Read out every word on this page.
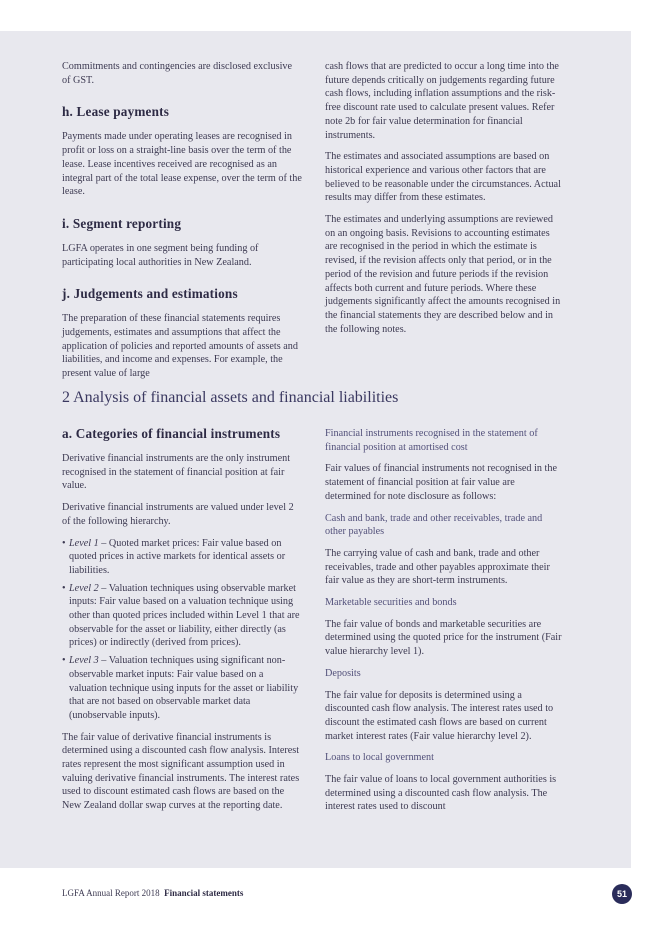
Commitments and contingencies are disclosed exclusive of GST.

h. Lease payments

Payments made under operating leases are recognised in profit or loss on a straight-line basis over the term of the lease. Lease incentives received are recognised as an integral part of the total lease expense, over the term of the lease.

i. Segment reporting

LGFA operates in one segment being funding of participating local authorities in New Zealand.

j. Judgements and estimations

The preparation of these financial statements requires judgements, estimates and assumptions that affect the application of policies and reported amounts of assets and liabilities, and income and expenses. For example, the present value of large

cash flows that are predicted to occur a long time into the future depends critically on judgements regarding future cash flows, including inflation assumptions and the risk-free discount rate used to calculate present values. Refer note 2b for fair value determination for financial instruments.

The estimates and associated assumptions are based on historical experience and various other factors that are believed to be reasonable under the circumstances. Actual results may differ from these estimates.

The estimates and underlying assumptions are reviewed on an ongoing basis. Revisions to accounting estimates are recognised in the period in which the estimate is revised, if the revision affects only that period, or in the period of the revision and future periods if the revision affects both current and future periods. Where these judgements significantly affect the amounts recognised in the financial statements they are described below and in the following notes.

2 Analysis of financial assets and financial liabilities
a. Categories of financial instruments

Derivative financial instruments are the only instrument recognised in the statement of financial position at fair value.

Derivative financial instruments are valued under level 2 of the following hierarchy.

• Level 1 – Quoted market prices: Fair value based on quoted prices in active markets for identical assets or liabilities.
• Level 2 – Valuation techniques using observable market inputs: Fair value based on a valuation technique using other than quoted prices included within Level 1 that are observable for the asset or liability, either directly (as prices) or indirectly (derived from prices).
• Level 3 – Valuation techniques using significant non-observable market inputs: Fair value based on a valuation technique using inputs for the asset or liability that are not based on observable market data (unobservable inputs).

The fair value of derivative financial instruments is determined using a discounted cash flow analysis. Interest rates represent the most significant assumption used in valuing derivative financial instruments. The interest rates used to discount estimated cash flows are based on the New Zealand dollar swap curves at the reporting date.

Financial instruments recognised in the statement of financial position at amortised cost

Fair values of financial instruments not recognised in the statement of financial position at fair value are determined for note disclosure as follows:

Cash and bank, trade and other receivables, trade and other payables

The carrying value of cash and bank, trade and other receivables, trade and other payables approximate their fair value as they are short-term instruments.

Marketable securities and bonds

The fair value of bonds and marketable securities are determined using the quoted price for the instrument (Fair value hierarchy level 1).

Deposits

The fair value for deposits is determined using a discounted cash flow analysis. The interest rates used to discount the estimated cash flows are based on current market interest rates (Fair value hierarchy level 2).

Loans to local government

The fair value of loans to local government authorities is determined using a discounted cash flow analysis. The interest rates used to discount

LGFA Annual Report 2018 Financial statements	51
